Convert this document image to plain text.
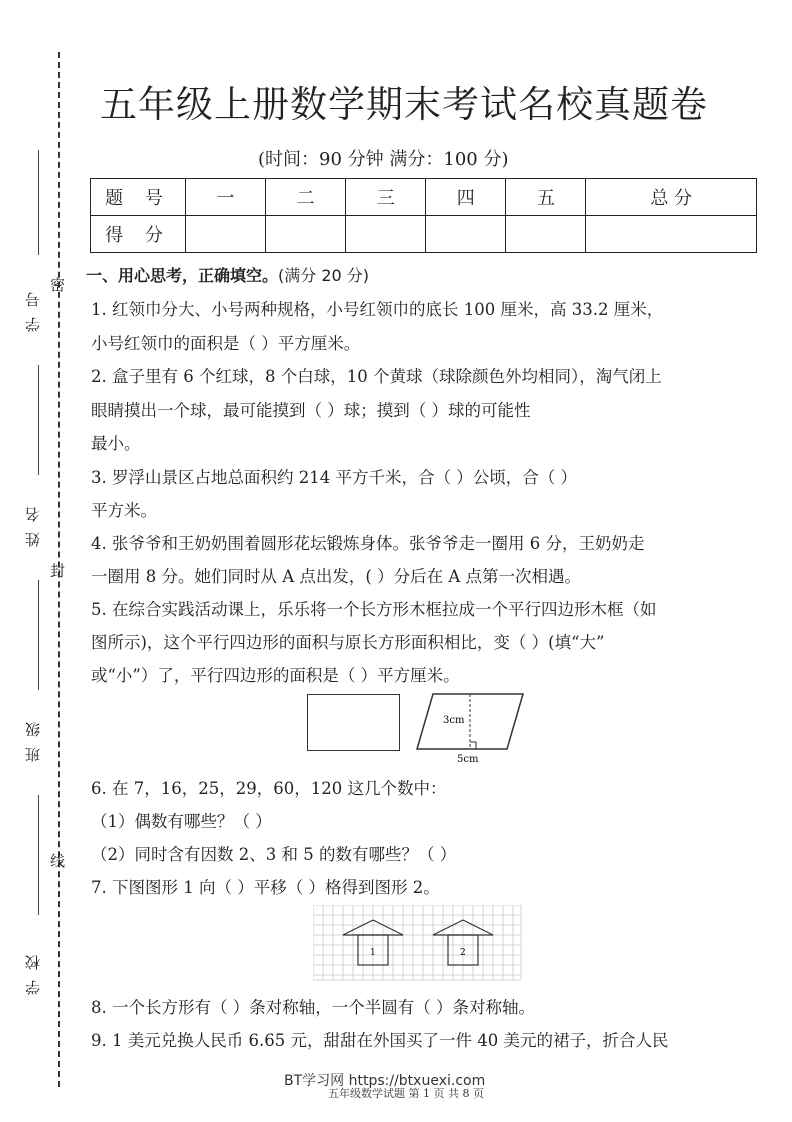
学号
姓名
班级
学校
密
封
线
五年级上册数学期末考试名校真题卷
(时间：90 分钟 满分：100 分)
题 号	一	二	三	四	五	总 分
得 分						
一、用心思考，正确填空。(满分 20 分)
1. 红领巾分大、小号两种规格，小号红领巾的底长 100 厘米，高 33.2 厘米，
小号红领巾的面积是（ ）平方厘米。
2. 盒子里有 6 个红球，8 个白球，10 个黄球（球除颜色外均相同），淘气闭上
眼睛摸出一个球，最可能摸到（ ）球；摸到（ ）球的可能性
最小。
3. 罗浮山景区占地总面积约 214 平方千米，合（ ）公顷，合（ ）
平方米。
4. 张爷爷和王奶奶围着圆形花坛锻炼身体。张爷爷走一圈用 6 分，王奶奶走
一圈用 8 分。她们同时从 A 点出发，( ）分后在 A 点第一次相遇。
5. 在综合实践活动课上，乐乐将一个长方形木框拉成一个平行四边形木框（如
图所示)，这个平行四边形的面积与原长方形面积相比，变（ ）(填“大”
或“小”）了，平行四边形的面积是（ ）平方厘米。
3cm
5cm
6. 在 7，16，25，29，60，120 这几个数中：
（1）偶数有哪些？（ ）
（2）同时含有因数 2、3 和 5 的数有哪些？（ ）
7. 下图图形 1 向（ ）平移（ ）格得到图形 2。
1	2
8. 一个长方形有（ ）条对称轴，一个半圆有（ ）条对称轴。
9. 1 美元兑换人民币 6.65 元，甜甜在外国买了一件 40 美元的裙子，折合人民
BT学习网 https://btxuexi.com
五年级数学试题 第 1 页 共 8 页
